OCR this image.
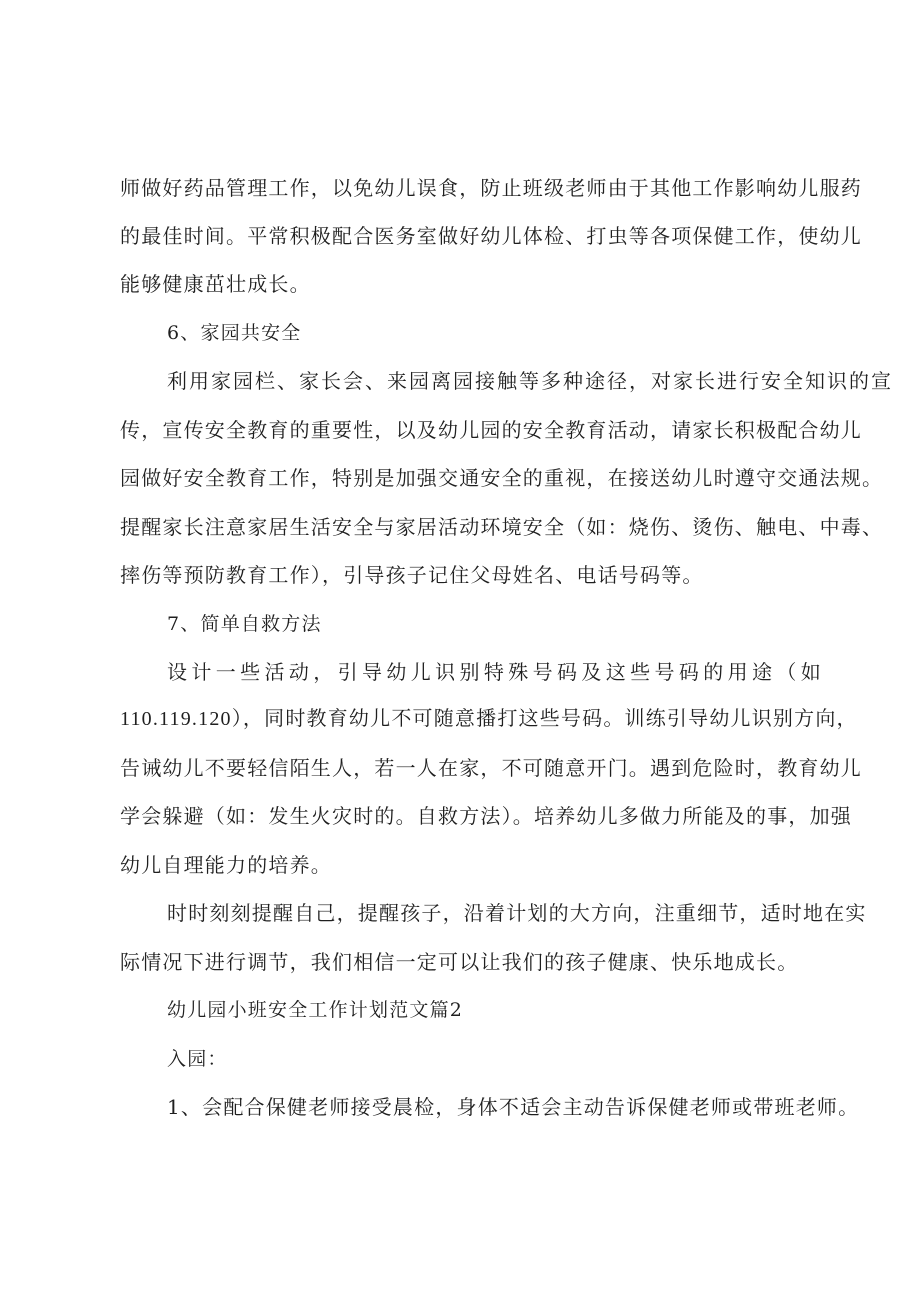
师做好药品管理工作，以免幼儿误食，防止班级老师由于其他工作影响幼儿服药
的最佳时间。平常积极配合医务室做好幼儿体检、打虫等各项保健工作，使幼儿
能够健康茁壮成长。
6、家园共安全
利用家园栏、家长会、来园离园接触等多种途径，对家长进行安全知识的宣
传，宣传安全教育的重要性，以及幼儿园的安全教育活动，请家长积极配合幼儿
园做好安全教育工作，特别是加强交通安全的重视，在接送幼儿时遵守交通法规。
提醒家长注意家居生活安全与家居活动环境安全（如：烧伤、烫伤、触电、中毒、
摔伤等预防教育工作），引导孩子记住父母姓名、电话号码等。
7、简单自救方法
设计一些活动，引导幼儿识别特殊号码及这些号码的用途（如
110.119.120），同时教育幼儿不可随意播打这些号码。训练引导幼儿识别方向，
告诫幼儿不要轻信陌生人，若一人在家，不可随意开门。遇到危险时，教育幼儿
学会躲避（如：发生火灾时的。自救方法）。培养幼儿多做力所能及的事，加强
幼儿自理能力的培养。
时时刻刻提醒自己，提醒孩子，沿着计划的大方向，注重细节，适时地在实
际情况下进行调节，我们相信一定可以让我们的孩子健康、快乐地成长。
幼儿园小班安全工作计划范文篇2
入园：
1、会配合保健老师接受晨检，身体不适会主动告诉保健老师或带班老师。
